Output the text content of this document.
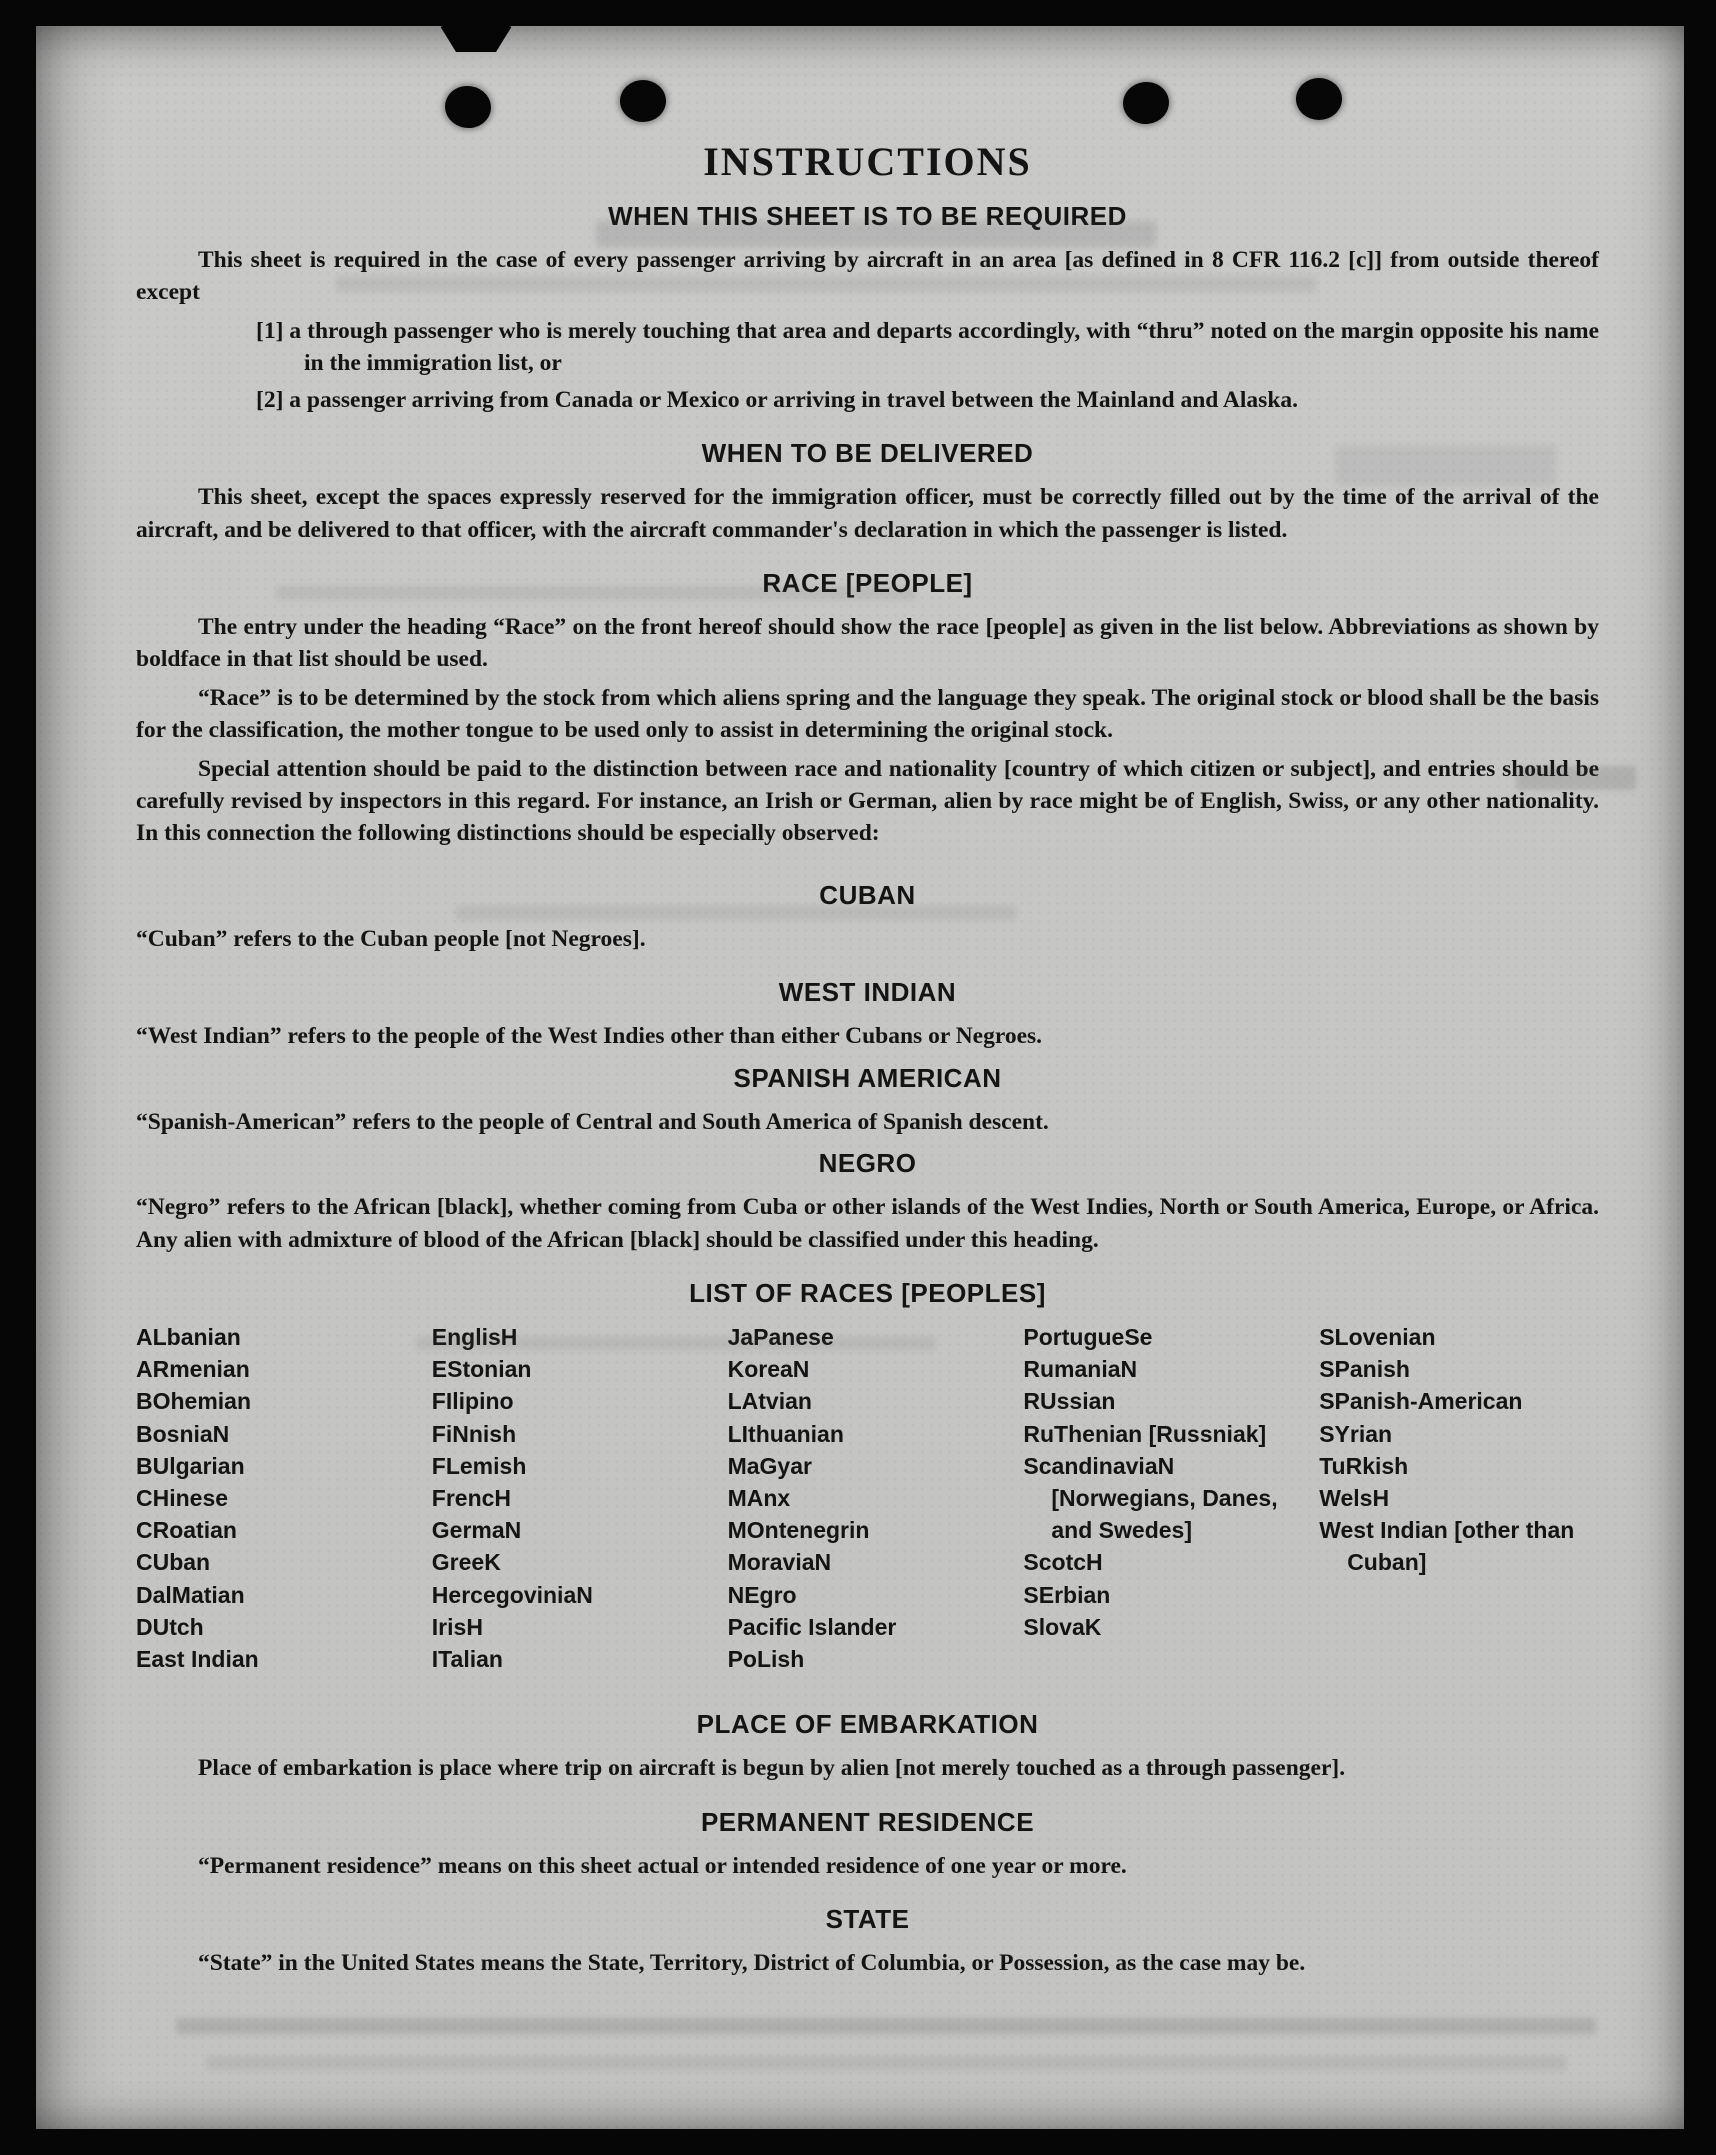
INSTRUCTIONS
WHEN THIS SHEET IS TO BE REQUIRED

This sheet is required in the case of every passenger arriving by aircraft in an area [as defined in 8 CFR 116.2 [c]] from outside thereof except

[1] a through passenger who is merely touching that area and departs accordingly, with “thru” noted on the margin opposite his name in the immigration list, or

[2] a passenger arriving from Canada or Mexico or arriving in travel between the Mainland and Alaska.

WHEN TO BE DELIVERED

This sheet, except the spaces expressly reserved for the immigration officer, must be correctly filled out by the time of the arrival of the aircraft, and be delivered to that officer, with the aircraft commander's declaration in which the passenger is listed.

RACE [PEOPLE]

The entry under the heading “Race” on the front hereof should show the race [people] as given in the list below. Abbreviations as shown by boldface in that list should be used.

“Race” is to be determined by the stock from which aliens spring and the language they speak. The original stock or blood shall be the basis for the classification, the mother tongue to be used only to assist in determining the original stock.

Special attention should be paid to the distinction between race and nationality [country of which citizen or subject], and entries should be carefully revised by inspectors in this regard. For instance, an Irish or German, alien by race might be of English, Swiss, or any other nationality. In this connection the following distinctions should be especially observed:

CUBAN

“Cuban” refers to the Cuban people [not Negroes].

WEST INDIAN

“West Indian” refers to the people of the West Indies other than either Cubans or Negroes.

SPANISH AMERICAN

“Spanish-American” refers to the people of Central and South America of Spanish descent.

NEGRO

“Negro” refers to the African [black], whether coming from Cuba or other islands of the West Indies, North or South America, Europe, or Africa. Any alien with admixture of blood of the African [black] should be classified under this heading.

LIST OF RACES [PEOPLES]
ALbanian
ARmenian
BOhemian
BosniaN
BUlgarian
CHinese
CRoatian
CUban
DalMatian
DUtch
East Indian
EnglisH
EStonian
FIlipino
FiNnish
FLemish
FrencH
GermaN
GreeK
HercegoviniaN
IrisH
ITalian
JaPanese
KoreaN
LAtvian
LIthuanian
MaGyar
MAnx
MOntenegrin
MoraviaN
NEgro
Pacific Islander
PoLish
PortugueSe
RumaniaN
RUssian
RuThenian [Russniak]
ScandinaviaN [Norwegians, Danes, and Swedes]
ScotcH
SErbian
SlovaK
SLovenian
SPanish
SPanish-American
SYrian
TuRkish
WelsH
West Indian [other than Cuban]
PLACE OF EMBARKATION

Place of embarkation is place where trip on aircraft is begun by alien [not merely touched as a through passenger].

PERMANENT RESIDENCE

“Permanent residence” means on this sheet actual or intended residence of one year or more.

STATE

“State” in the United States means the State, Territory, District of Columbia, or Possession, as the case may be.
